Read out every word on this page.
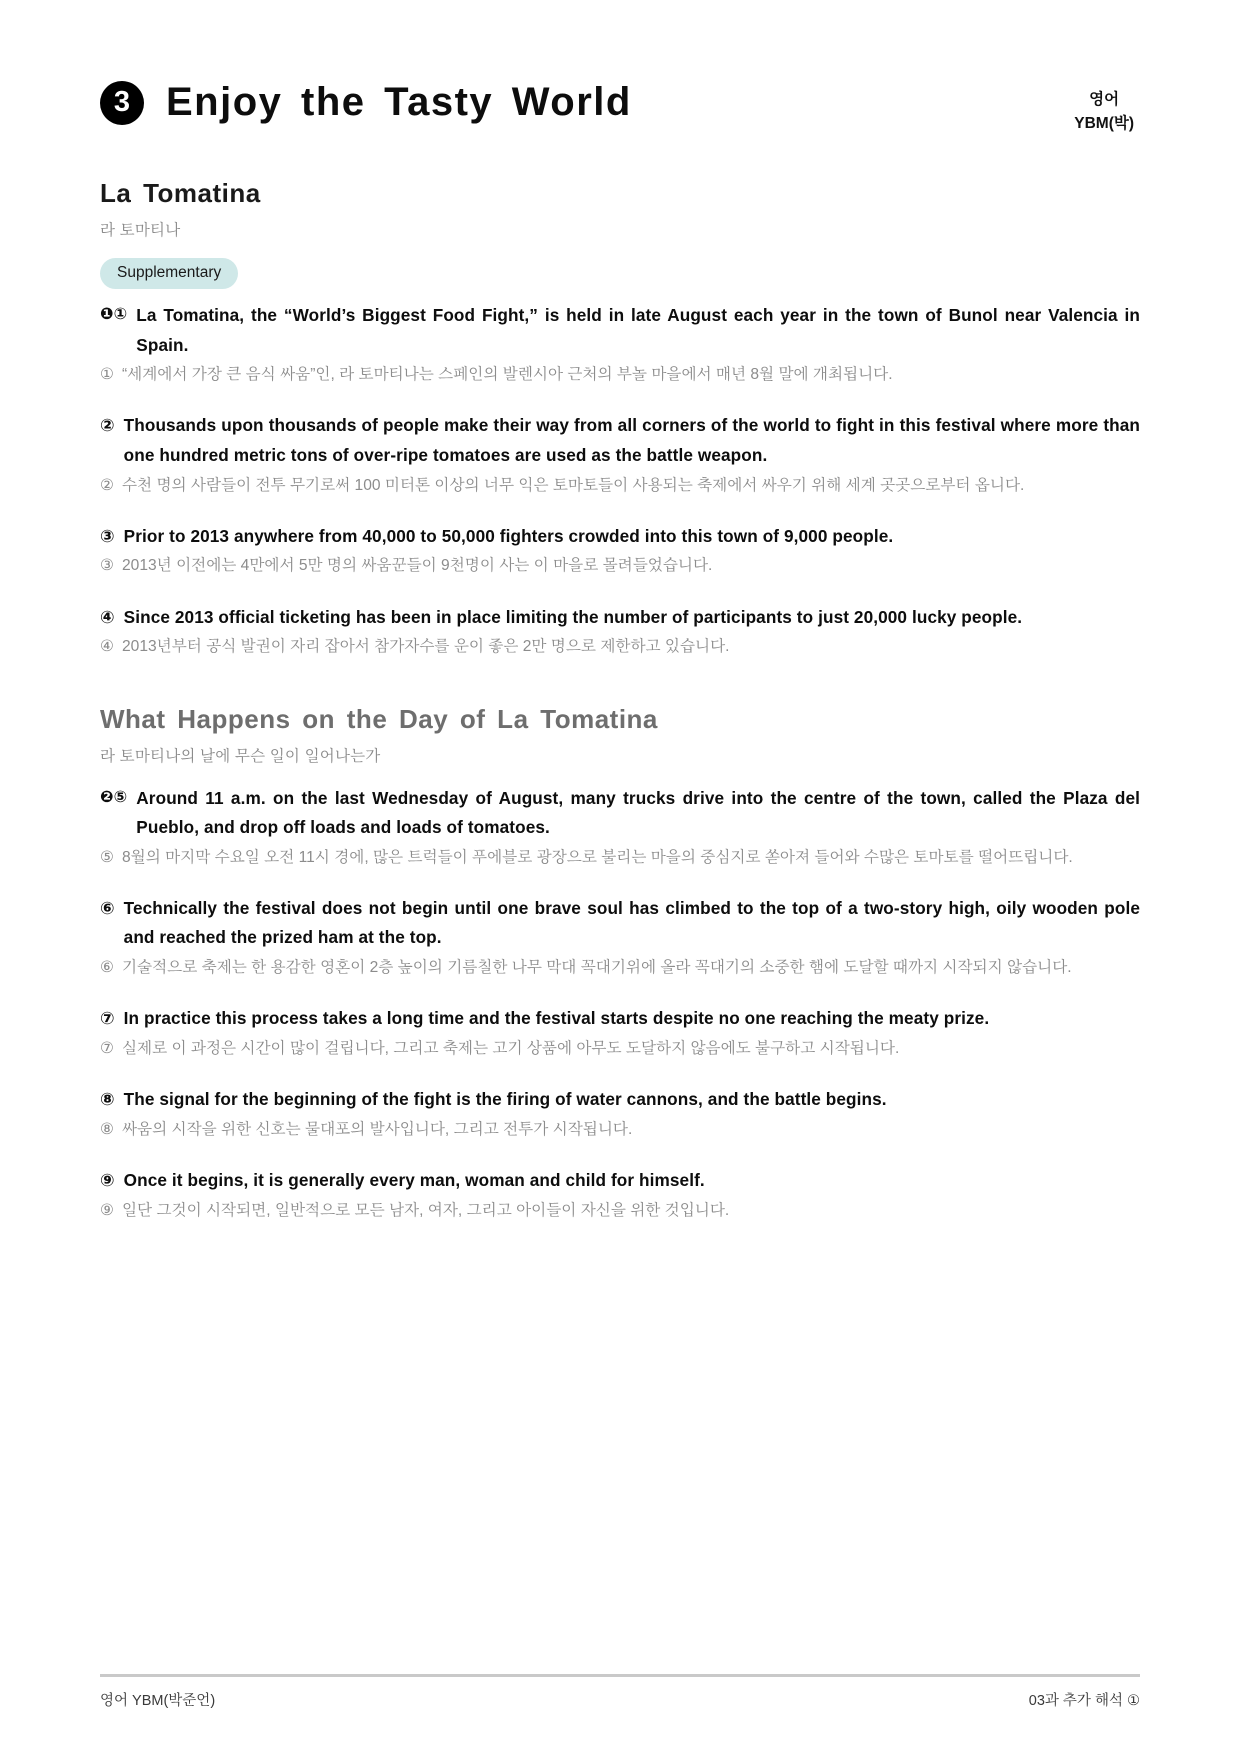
3 Enjoy the Tasty World	영어
YBM(박)
La Tomatina
라 토마티나
Supplementary
❶① La Tomatina, the “World’s Biggest Food Fight,” is held in late August each year in the town of Bunol near Valencia in Spain.
① “세계에서 가장 큰 음식 싸움”인, 라 토마티나는 스페인의 발렌시아 근처의 부놀 마을에서 매년 8월 말에 개최됩니다.
② Thousands upon thousands of people make their way from all corners of the world to fight in this festival where more than one hundred metric tons of over-ripe tomatoes are used as the battle weapon.
② 수천 명의 사람들이 전투 무기로써 100 미터톤 이상의 너무 익은 토마토들이 사용되는 축제에서 싸우기 위해 세계 곳곳으로부터 옵니다.
③ Prior to 2013 anywhere from 40,000 to 50,000 fighters crowded into this town of 9,000 people.
③ 2013년 이전에는 4만에서 5만 명의 싸움꾼들이 9천명이 사는 이 마을로 몰려들었습니다.
④ Since 2013 official ticketing has been in place limiting the number of participants to just 20,000 lucky people.
④ 2013년부터 공식 발권이 자리 잡아서 참가자수를 운이 좋은 2만 명으로 제한하고 있습니다.
What Happens on the Day of La Tomatina
라 토마티나의 날에 무슨 일이 일어나는가
❷⑤ Around 11 a.m. on the last Wednesday of August, many trucks drive into the centre of the town, called the Plaza del Pueblo, and drop off loads and loads of tomatoes.
⑤ 8월의 마지막 수요일 오전 11시 경에, 많은 트럭들이 푸에블로 광장으로 불리는 마을의 중심지로 쏟아져 들어와 수많은 토마토를 떨어뜨립니다.
⑥ Technically the festival does not begin until one brave soul has climbed to the top of a two-story high, oily wooden pole and reached the prized ham at the top.
⑥ 기술적으로 축제는 한 용감한 영혼이 2층 높이의 기름칠한 나무 막대 꼭대기위에 올라 꼭대기의 소중한 햄에 도달할 때까지 시작되지 않습니다.
⑦ In practice this process takes a long time and the festival starts despite no one reaching the meaty prize.
⑦ 실제로 이 과정은 시간이 많이 걸립니다, 그리고 축제는 고기 상품에 아무도 도달하지 않음에도 불구하고 시작됩니다.
⑧ The signal for the beginning of the fight is the firing of water cannons, and the battle begins.
⑧ 싸움의 시작을 위한 신호는 물대포의 발사입니다, 그리고 전투가 시작됩니다.
⑨ Once it begins, it is generally every man, woman and child for himself.
⑨ 일단 그것이 시작되면, 일반적으로 모든 남자, 여자, 그리고 아이들이 자신을 위한 것입니다.
영어 YBM(박준언)	03과 추가 해석 ①
